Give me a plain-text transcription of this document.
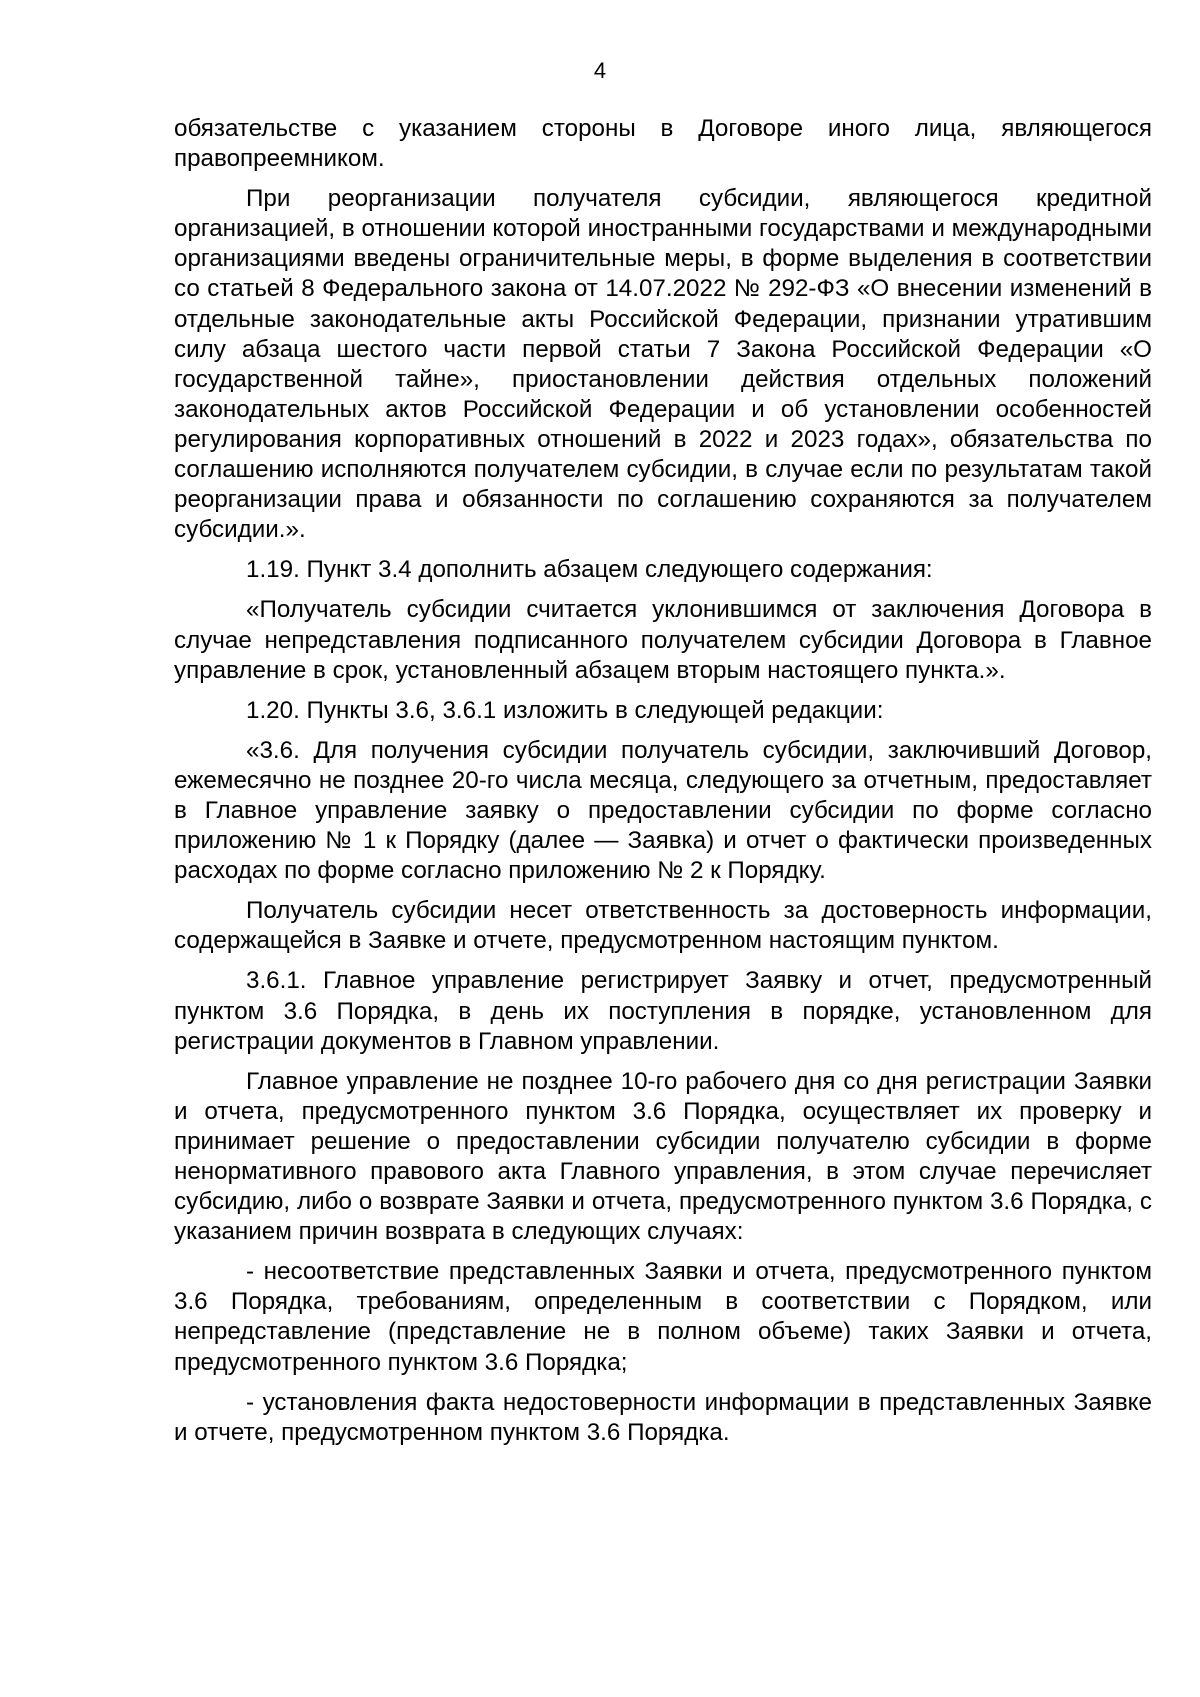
4

обязательстве с указанием стороны в Договоре иного лица, являющегося правопреемником.

При реорганизации получателя субсидии, являющегося кредитной организацией, в отношении которой иностранными государствами и международными организациями введены ограничительные меры, в форме выделения в соответствии со статьей 8 Федерального закона от 14.07.2022 № 292-ФЗ «О внесении изменений в отдельные законодательные акты Российской Федерации, признании утратившим силу абзаца шестого части первой статьи 7 Закона Российской Федерации «О государственной тайне», приостановлении действия отдельных положений законодательных актов Российской Федерации и об установлении особенностей регулирования корпоративных отношений в 2022 и 2023 годах», обязательства по соглашению исполняются получателем субсидии, в случае если по результатам такой реорганизации права и обязанности по соглашению сохраняются за получателем субсидии.».

1.19. Пункт 3.4 дополнить абзацем следующего содержания:

«Получатель субсидии считается уклонившимся от заключения Договора в случае непредставления подписанного получателем субсидии Договора в Главное управление в срок, установленный абзацем вторым настоящего пункта.».

1.20. Пункты 3.6, 3.6.1 изложить в следующей редакции:

«3.6. Для получения субсидии получатель субсидии, заключивший Договор, ежемесячно не позднее 20-го числа месяца, следующего за отчетным, предоставляет в Главное управление заявку о предоставлении субсидии по форме согласно приложению № 1 к Порядку (далее — Заявка) и отчет о фактически произведенных расходах по форме согласно приложению № 2 к Порядку.

Получатель субсидии несет ответственность за достоверность информации, содержащейся в Заявке и отчете, предусмотренном настоящим пунктом.

3.6.1. Главное управление регистрирует Заявку и отчет, предусмотренный пунктом 3.6 Порядка, в день их поступления в порядке, установленном для регистрации документов в Главном управлении.

Главное управление не позднее 10-го рабочего дня со дня регистрации Заявки и отчета, предусмотренного пунктом 3.6 Порядка, осуществляет их проверку и принимает решение о предоставлении субсидии получателю субсидии в форме ненормативного правового акта Главного управления, в этом случае перечисляет субсидию, либо о возврате Заявки и отчета, предусмотренного пунктом 3.6 Порядка, с указанием причин возврата в следующих случаях:

- несоответствие представленных Заявки и отчета, предусмотренного пунктом 3.6 Порядка, требованиям, определенным в соответствии с Порядком, или непредставление (представление не в полном объеме) таких Заявки и отчета, предусмотренного пунктом 3.6 Порядка;

- установления факта недостоверности информации в представленных Заявке и отчете, предусмотренном пунктом 3.6 Порядка.
